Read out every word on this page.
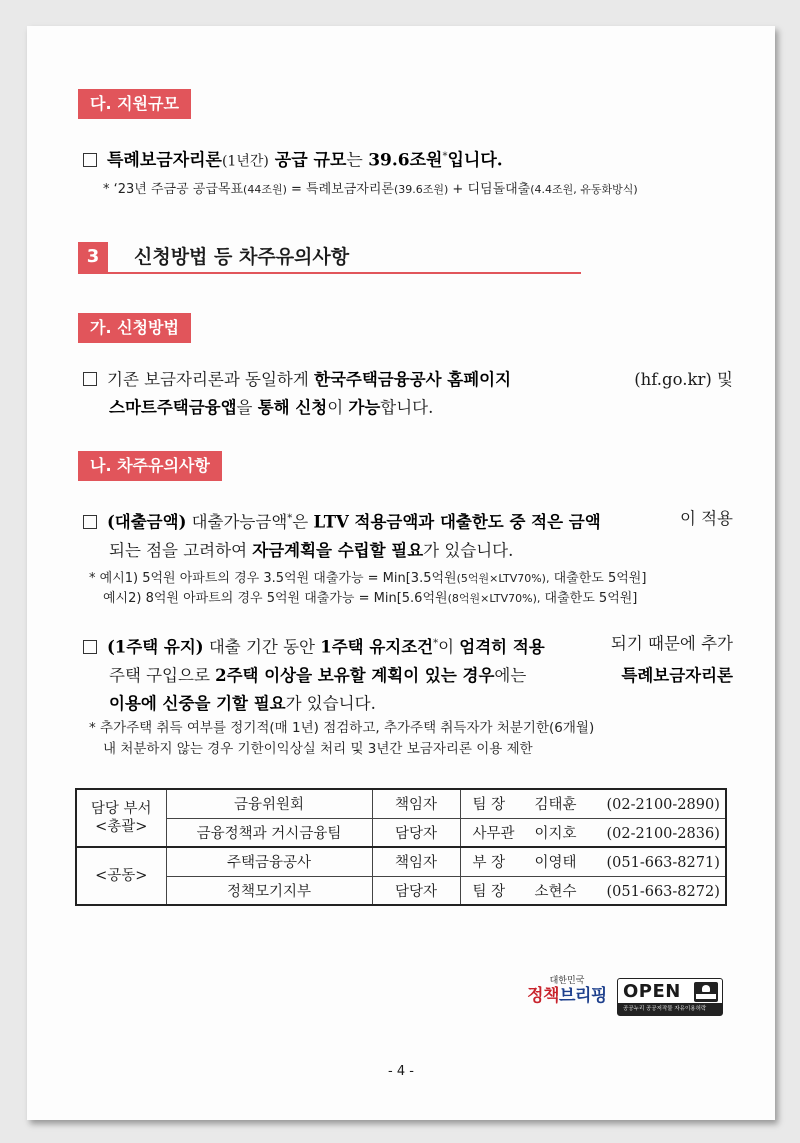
다. 지원규모
특례보금자리론(1년간) 공급 규모는 39.6조원*입니다.
* ‘23년 주금공 공급목표(44조원) = 특례보금자리론(39.6조원) + 디딤돌대출(4.4조원, 유동화방식)
3	신청방법 등 차주유의사항
가. 신청방법
기존 보금자리론과 동일하게 한국주택금융공사 홈페이지	(hf.go.kr) 및
스마트주택금융앱을 통해 신청이 가능합니다.
나. 차주유의사항
(대출금액) 대출가능금액*은 LTV 적용금액과 대출한도 중 적은 금액	이 적용
되는 점을 고려하여 자금계획을 수립할 필요가 있습니다.
* 예시1) 5억원 아파트의 경우 3.5억원 대출가능 = Min[3.5억원(5억원×LTV70%), 대출한도 5억원]
예시2) 8억원 아파트의 경우 5억원 대출가능 = Min[5.6억원(8억원×LTV70%), 대출한도 5억원]
(1주택 유지) 대출 기간 동안 1주택 유지조건*이 엄격히 적용	되기 때문에 추가
주택 구입으로 2주택 이상을 보유할 계획이 있는 경우에는	특례보금자리론
이용에 신중을 기할 필요가 있습니다.
* 추가주택 취득 여부를 정기적(매 1년) 점검하고, 추가주택 취득자가 처분기한(6개월)
내 처분하지 않는 경우 기한이익상실 처리 및 3년간 보금자리론 이용 제한
담당 부서
<총괄>	금융위원회	책임자	팀 장 김태훈 (02-2100-2890)
	금융정책과 거시금융팀	담당자	사무관 이지호 (02-2100-2836)
<공동>	주택금융공사	책임자	부 장 이영태 (051-663-8271)
	정책모기지부	담당자	팀 장 소현수 (051-663-8272)
대한민국
정책브리핑 OPEN
공공누리 공공저작물 자유이용허락
- 4 -
